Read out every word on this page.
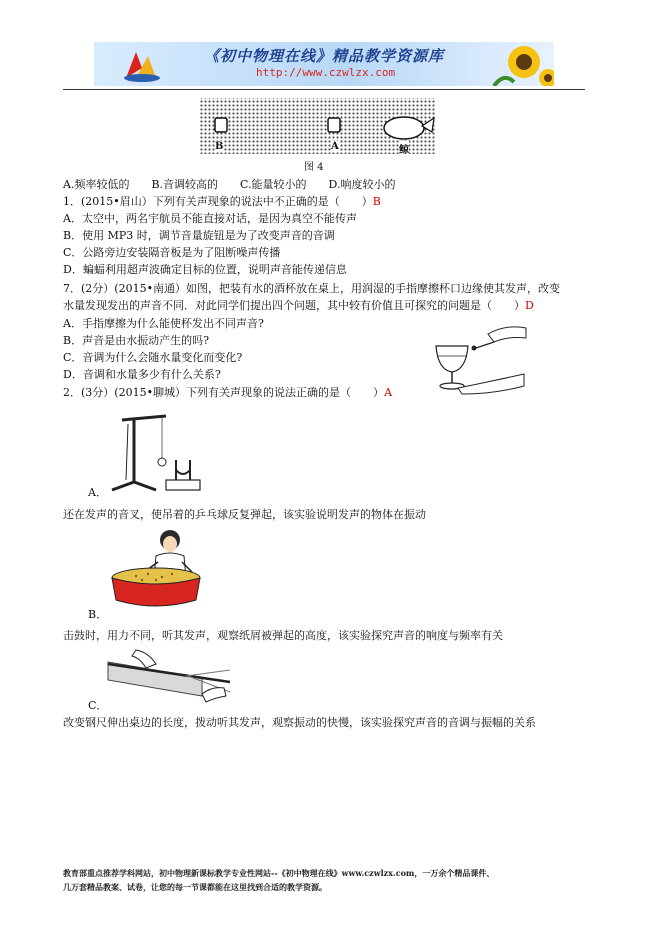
《初中物理在线》精品教学资源库
http://www.czwlzx.com
B	A	鲸
图 4
A.频率较低的　　B.音调较高的　　C.能量较小的　　D.响度较小的
1．(2015•眉山）下列有关声现象的说法中不正确的是（　　）B
A．太空中，两名宇航员不能直接对话，是因为真空不能传声
B．使用 MP3 时，调节音量旋钮是为了改变声音的音调
C．公路旁边安装隔音板是为了阻断噪声传播
D．蝙蝠利用超声波确定目标的位置，说明声音能传递信息
7．(2分）(2015•南通）如图，把装有水的酒杯放在桌上，用润湿的手指摩擦杯口边缘使其发声，改变
水量发现发出的声音不同．对此同学们提出四个问题，其中较有价值且可探究的问题是（　　）D
A．手指摩擦为什么能使杯发出不同声音?
B．声音是由水振动产生的吗?
C．音调为什么会随水量变化而变化?
D．音调和水量多少有什么关系?
2．(3分）(2015•聊城）下列有关声现象的说法正确的是（　　）A
A．
还在发声的音叉，使吊着的乒乓球反复弹起，该实验说明发声的物体在振动
B．
击鼓时，用力不同，听其发声，观察纸屑被弹起的高度，该实验探究声音的响度与频率有关
C．
改变钢尺伸出桌边的长度，拨动听其发声，观察振动的快慢，该实验探究声音的音调与振幅的关系
教育部重点推荐学科网站，初中物理新课标教学专业性网站--《初中物理在线》www.czwlzx.com，一万余个精品课件、
几万套精品教案、试卷，让您的每一节课都能在这里找到合适的教学资源。
